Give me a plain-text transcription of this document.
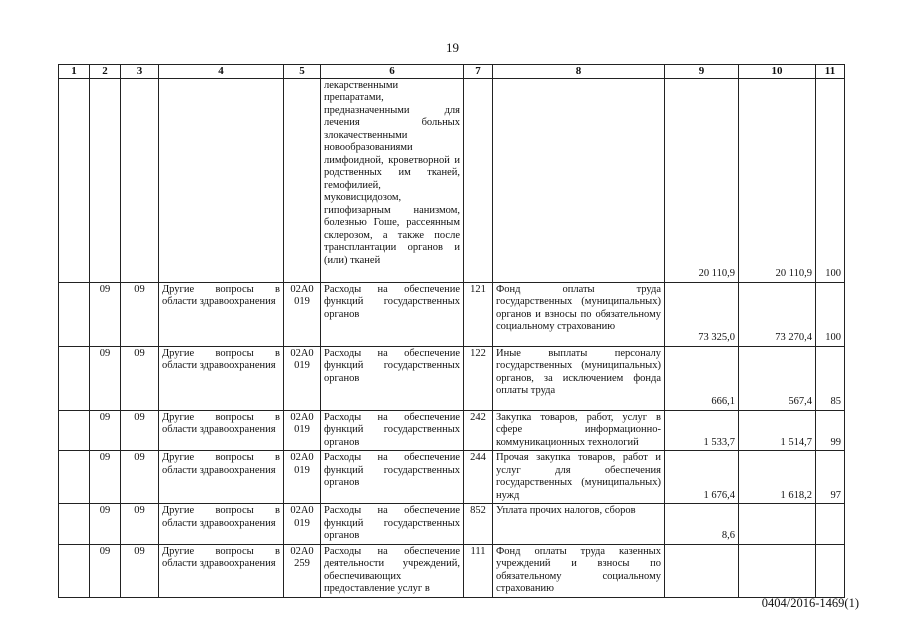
19
1	2	3	4	5	6	7	8	9	10	11
					лекарственными препаратами, предназначенными для лечения больных злокачественными новообразованиями лимфоидной, кроветворной и родственных им тканей, гемофилией, муковисцидозом, гипофизарным нанизмом, болезнью Гоше, рассеянным склерозом, а также после трансплантации органов и (или) тканей			20 110,9	20 110,9	100
	09	09	Другие вопросы в области здравоохранения	02А0 019	Расходы на обеспечение функций государственных органов	121	Фонд оплаты труда государственных (муниципальных) органов и взносы по обязательному социальному страхованию	73 325,0	73 270,4	100
	09	09	Другие вопросы в области здравоохранения	02А0 019	Расходы на обеспечение функций государственных органов	122	Иные выплаты персоналу государственных (муниципальных) органов, за исключением фонда оплаты труда	666,1	567,4	85
	09	09	Другие вопросы в области здравоохранения	02А0 019	Расходы на обеспечение функций государственных органов	242	Закупка товаров, работ, услуг в сфере информационно-коммуникационных технологий	1 533,7	1 514,7	99
	09	09	Другие вопросы в области здравоохранения	02А0 019	Расходы на обеспечение функций государственных органов	244	Прочая закупка товаров, работ и услуг для обеспечения государственных (муниципальных) нужд	1 676,4	1 618,2	97
	09	09	Другие вопросы в области здравоохранения	02А0 019	Расходы на обеспечение функций государственных органов	852	Уплата прочих налогов, сборов	8,6		
	09	09	Другие вопросы в области здравоохранения	02А0 259	Расходы на обеспечение деятельности учреждений, обеспечивающих предоставление услуг в	111	Фонд оплаты труда казенных учреждений и взносы по обязательному социальному страхованию			
0404/2016-1469(1)
